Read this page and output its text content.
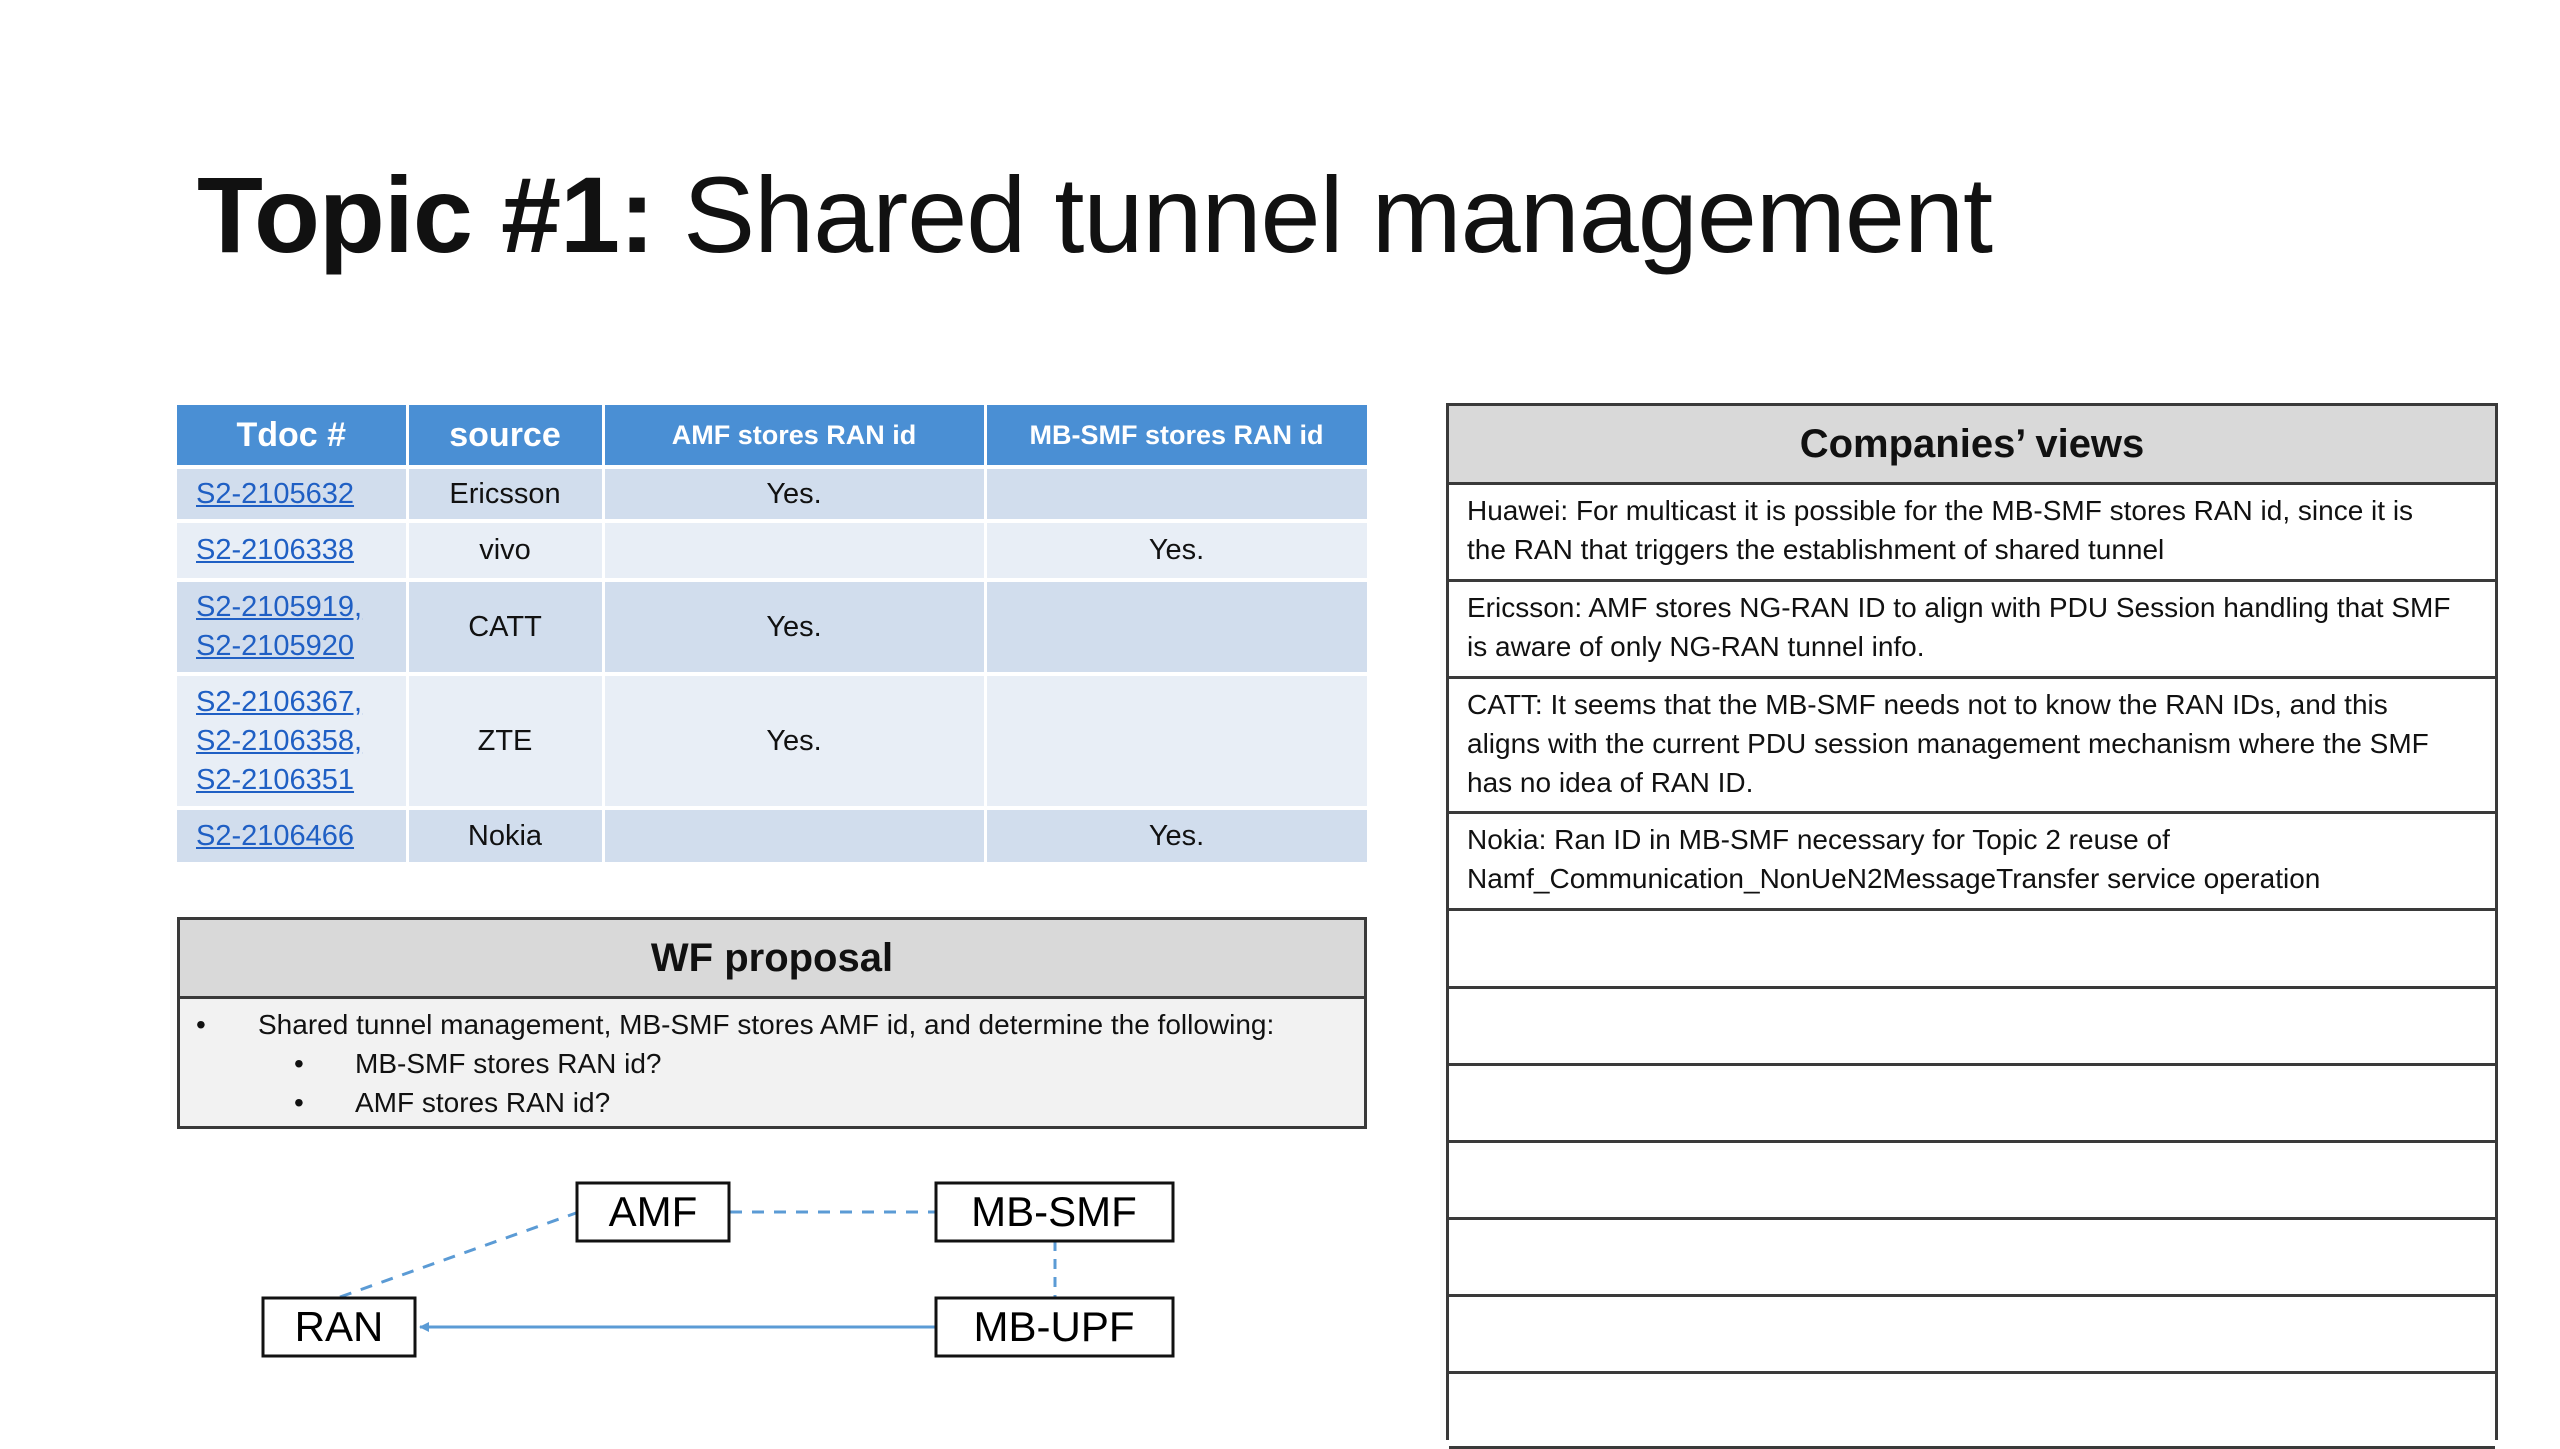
Topic #1: Shared tunnel management
Tdoc #	source	AMF stores RAN id	MB-SMF stores RAN id
S2-2105632	Ericsson	Yes.	
S2-2106338	vivo		Yes.
S2-2105919,
S2-2105920	CATT	Yes.	
S2-2106367,
S2-2106358,
S2-2106351	ZTE	Yes.	
S2-2106466	Nokia		Yes.
WF proposal
• Shared tunnel management, MB-SMF stores AMF id, and determine the following:
• MB-SMF stores RAN id?
• AMF stores RAN id?
AMF	MB-SMF
RAN	MB-UPF
Companies’ views
Huawei: For multicast it is possible for the MB-SMF stores RAN id, since it is
the RAN that triggers the establishment of shared tunnel
Ericsson: AMF stores NG-RAN ID to align with PDU Session handling that SMF
is aware of only NG-RAN tunnel info.
CATT: It seems that the MB-SMF needs not to know the RAN IDs, and this
aligns with the current PDU session management mechanism where the SMF
has no idea of RAN ID.
Nokia: Ran ID in MB-SMF necessary for Topic 2 reuse of
Namf_Communication_NonUeN2MessageTransfer service operation
